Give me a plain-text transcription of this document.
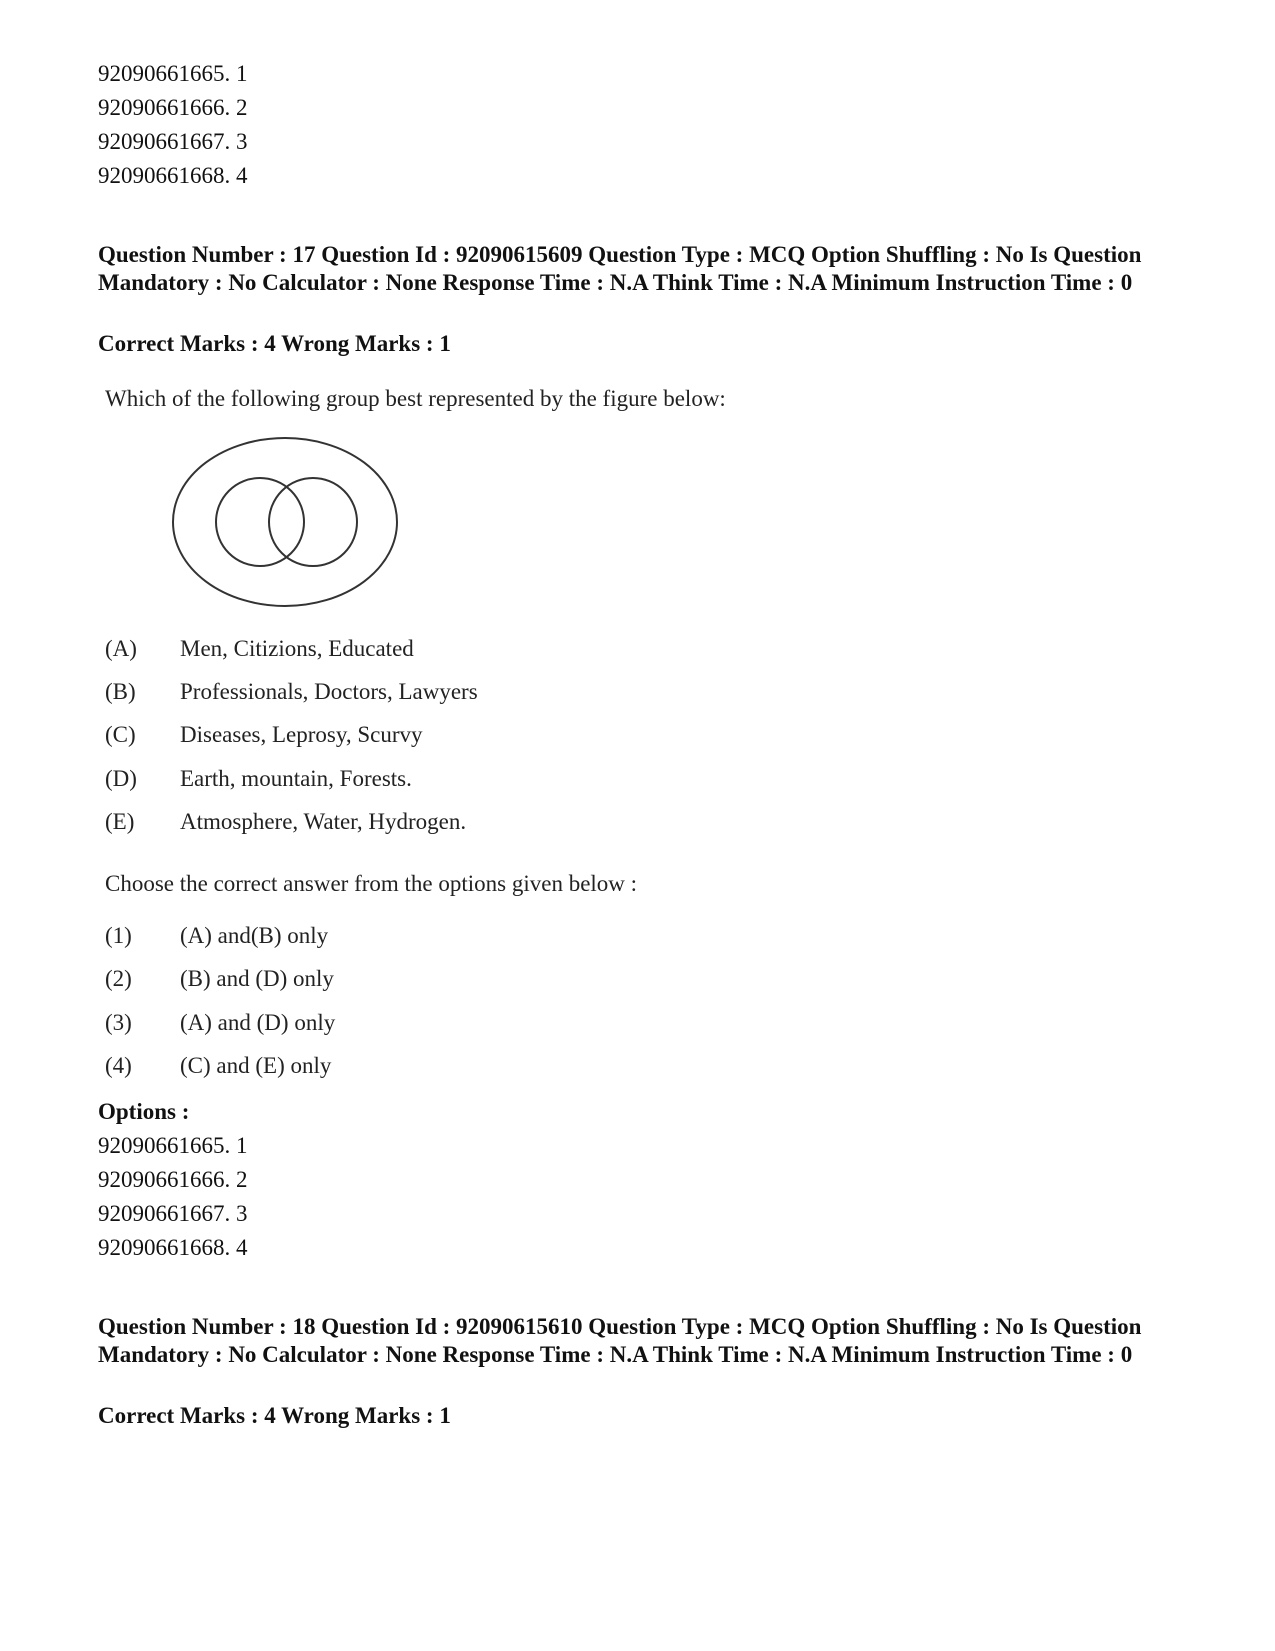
92090661665. 1
92090661666. 2
92090661667. 3
92090661668. 4
Question Number : 17 Question Id : 92090615609 Question Type : MCQ Option Shuffling : No Is Question Mandatory : No Calculator : None Response Time : N.A Think Time : N.A Minimum Instruction Time : 0
Correct Marks : 4 Wrong Marks : 1
Which of the following group best represented by the figure below:
(A) Men, Citizions, Educated
(B) Professionals, Doctors, Lawyers
(C) Diseases, Leprosy, Scurvy
(D) Earth, mountain, Forests.
(E) Atmosphere, Water, Hydrogen.
Choose the correct answer from the options given below :
(1) (A) and(B) only
(2) (B) and (D) only
(3) (A) and (D) only
(4) (C) and (E) only
Options :
92090661665. 1
92090661666. 2
92090661667. 3
92090661668. 4
Question Number : 18 Question Id : 92090615610 Question Type : MCQ Option Shuffling : No Is Question Mandatory : No Calculator : None Response Time : N.A Think Time : N.A Minimum Instruction Time : 0
Correct Marks : 4 Wrong Marks : 1
